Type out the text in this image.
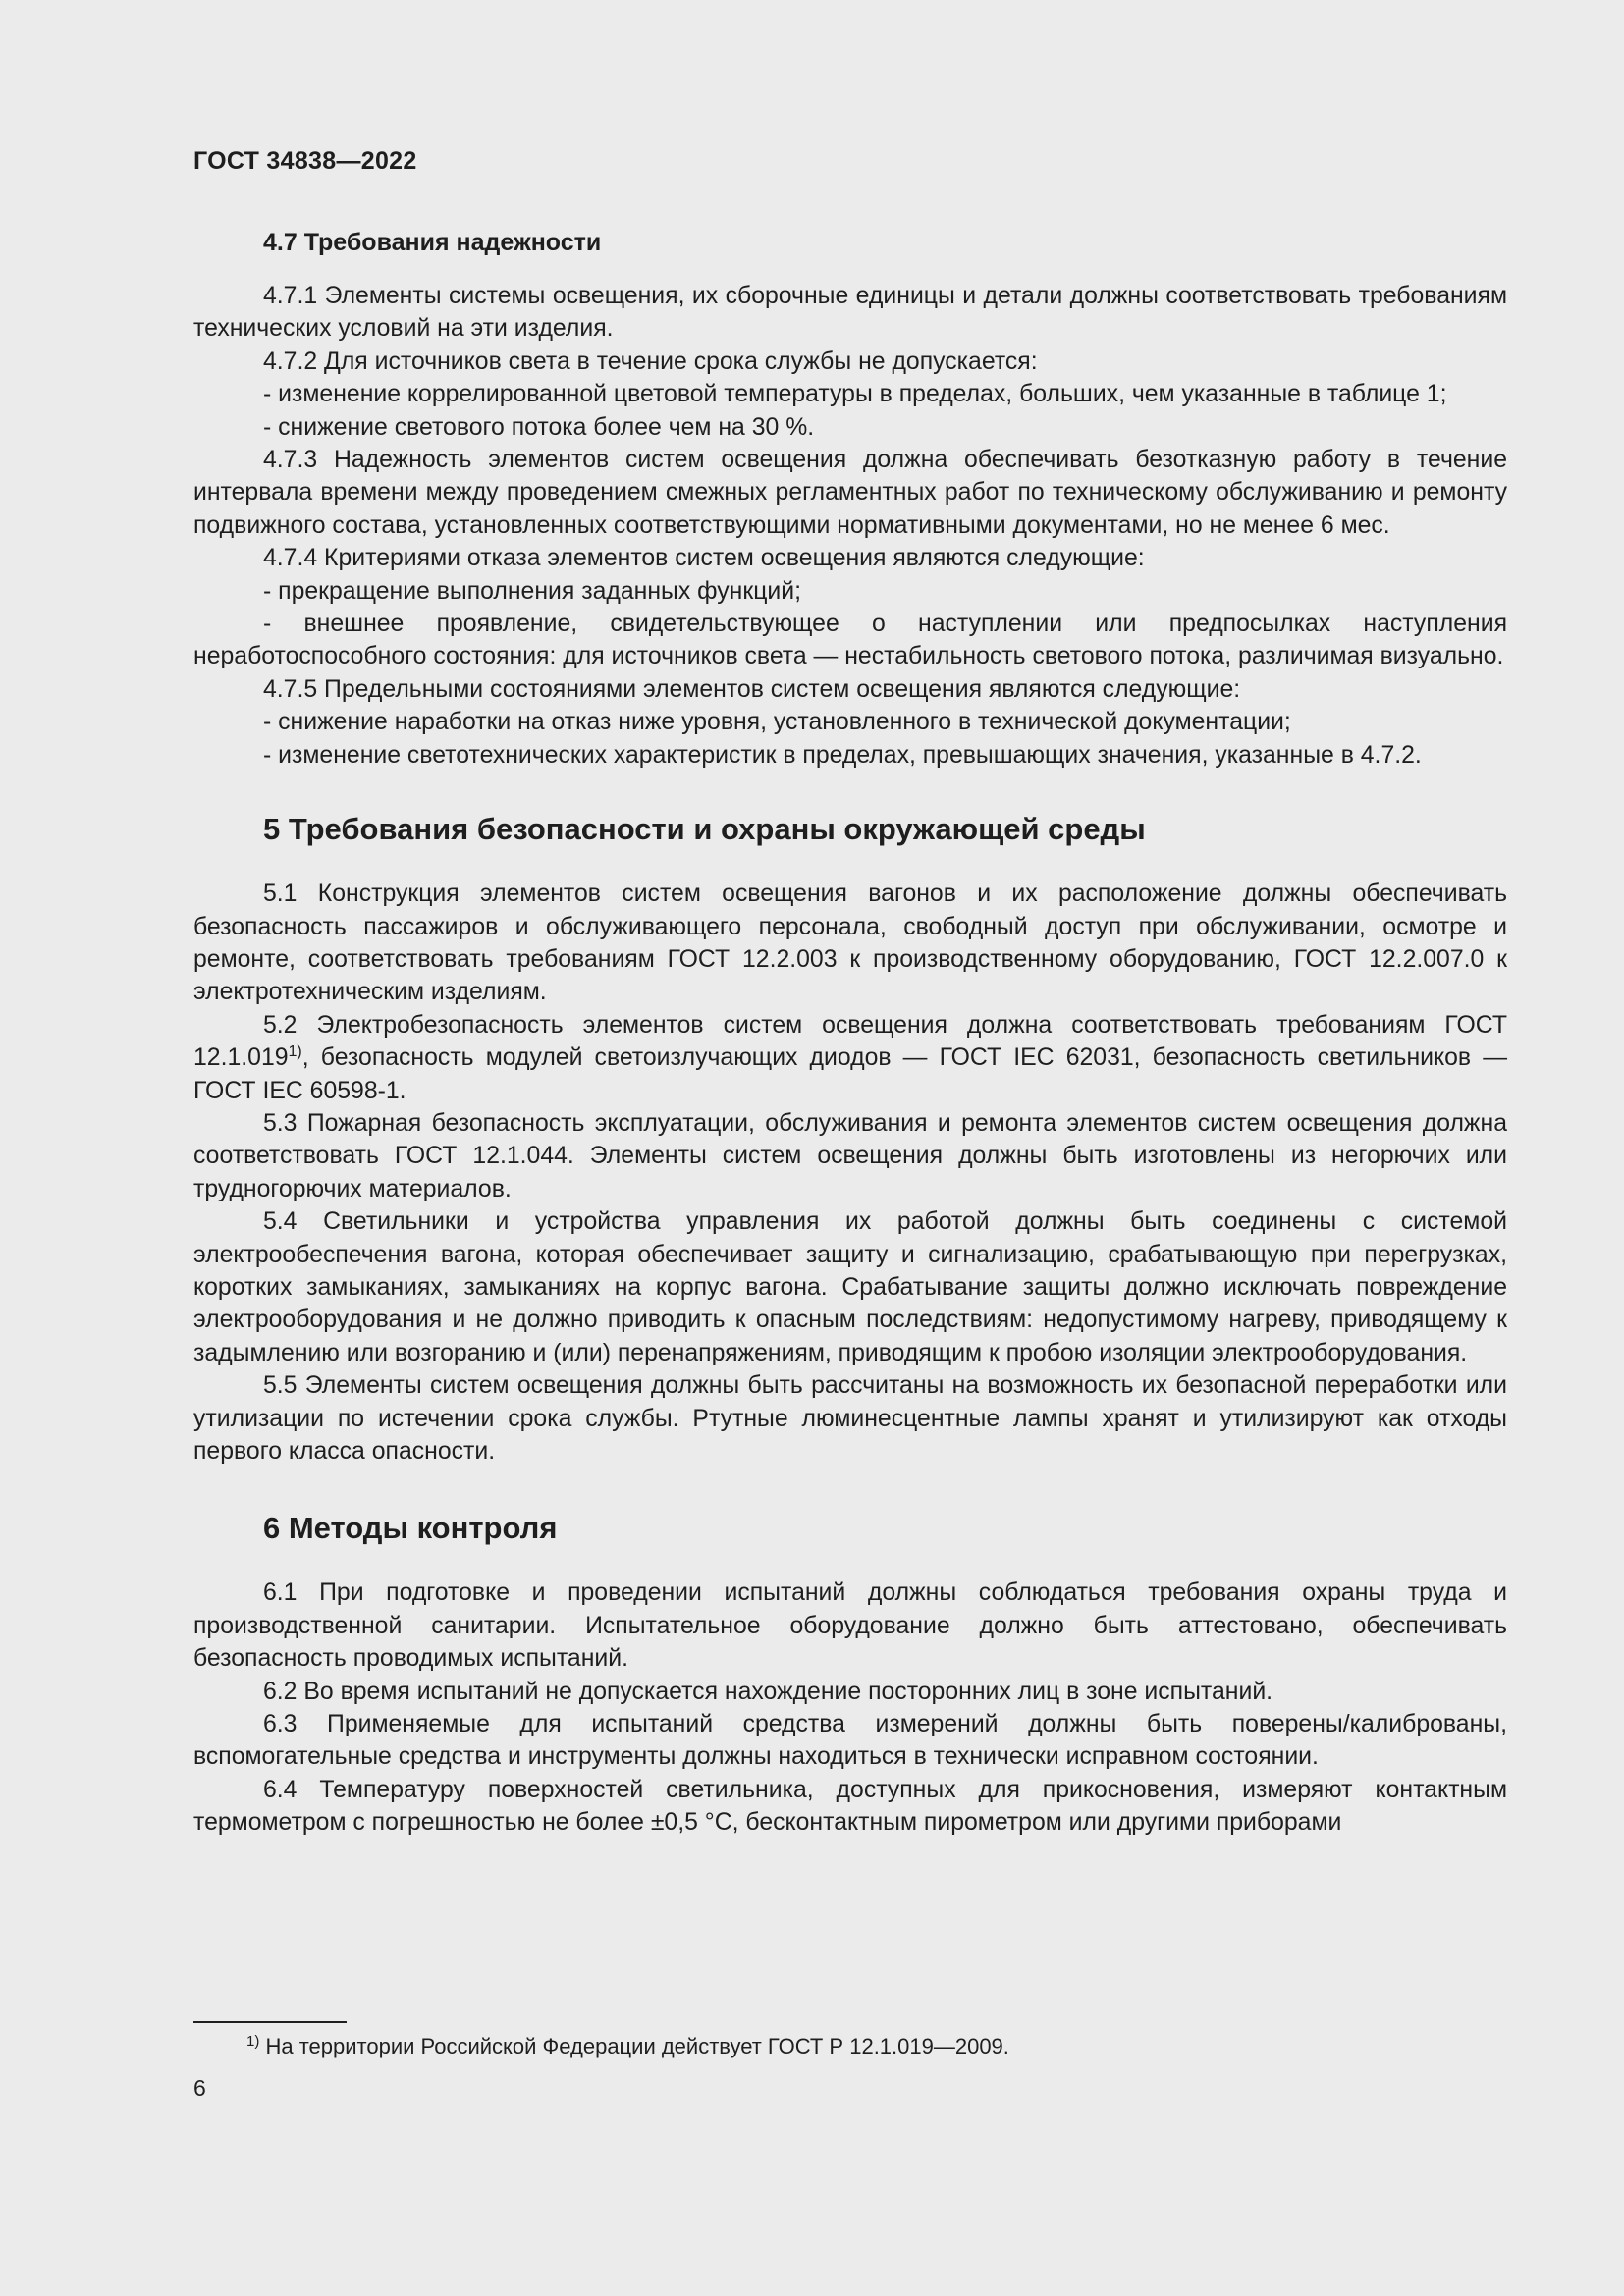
ГОСТ 34838—2022
4.7 Требования надежности

4.7.1 Элементы системы освещения, их сборочные единицы и детали должны соответствовать требованиям технических условий на эти изделия.

4.7.2 Для источников света в течение срока службы не допускается:

- изменение коррелированной цветовой температуры в пределах, больших, чем указанные в таблице 1;

- снижение светового потока более чем на 30 %.

4.7.3 Надежность элементов систем освещения должна обеспечивать безотказную работу в течение интервала времени между проведением смежных регламентных работ по техническому обслуживанию и ремонту подвижного состава, установленных соответствующими нормативными документами, но не менее 6 мес.

4.7.4 Критериями отказа элементов систем освещения являются следующие:

- прекращение выполнения заданных функций;

- внешнее проявление, свидетельствующее о наступлении или предпосылках наступления неработоспособного состояния: для источников света — нестабильность светового потока, различимая визуально.

4.7.5 Предельными состояниями элементов систем освещения являются следующие:

- снижение наработки на отказ ниже уровня, установленного в технической документации;

- изменение светотехнических характеристик в пределах, превышающих значения, указанные в 4.7.2.

5 Требования безопасности и охраны окружающей среды

5.1 Конструкция элементов систем освещения вагонов и их расположение должны обеспечивать безопасность пассажиров и обслуживающего персонала, свободный доступ при обслуживании, осмотре и ремонте, соответствовать требованиям ГОСТ 12.2.003 к производственному оборудованию, ГОСТ 12.2.007.0 к электротехническим изделиям.

5.2 Электробезопасность элементов систем освещения должна соответствовать требованиям ГОСТ 12.1.019$^{1)}$, безопасность модулей светоизлучающих диодов — ГОСТ IEC 62031, безопасность светильников — ГОСТ IEC 60598-1.

5.3 Пожарная безопасность эксплуатации, обслуживания и ремонта элементов систем освещения должна соответствовать ГОСТ 12.1.044. Элементы систем освещения должны быть изготовлены из негорючих или трудногорючих материалов.

5.4 Светильники и устройства управления их работой должны быть соединены с системой электрообеспечения вагона, которая обеспечивает защиту и сигнализацию, срабатывающую при перегрузках, коротких замыканиях, замыканиях на корпус вагона. Срабатывание защиты должно исключать повреждение электрооборудования и не должно приводить к опасным последствиям: недопустимому нагреву, приводящему к задымлению или возгоранию и (или) перенапряжениям, приводящим к пробою изоляции электрооборудования.

5.5 Элементы систем освещения должны быть рассчитаны на возможность их безопасной переработки или утилизации по истечении срока службы. Ртутные люминесцентные лампы хранят и утилизируют как отходы первого класса опасности.

6 Методы контроля

6.1 При подготовке и проведении испытаний должны соблюдаться требования охраны труда и производственной санитарии. Испытательное оборудование должно быть аттестовано, обеспечивать безопасность проводимых испытаний.

6.2 Во время испытаний не допускается нахождение посторонних лиц в зоне испытаний.

6.3 Применяемые для испытаний средства измерений должны быть поверены/калиброваны, вспомогательные средства и инструменты должны находиться в технически исправном состоянии.

6.4 Температуру поверхностей светильника, доступных для прикосновения, измеряют контактным термометром с погрешностью не более ±0,5 °С, бесконтактным пирометром или другими приборами

$^{1)}$ На территории Российской Федерации действует ГОСТ Р 12.1.019—2009.
6
